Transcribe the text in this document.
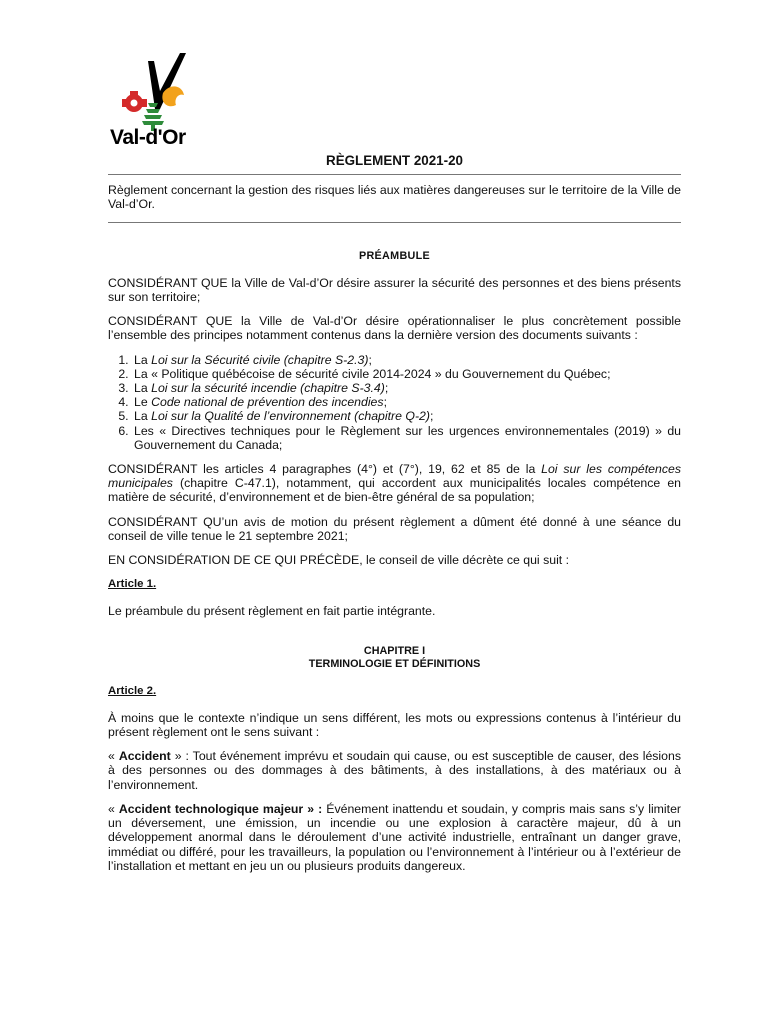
Val-d'Or
RÈGLEMENT 2021-20

Règlement concernant la gestion des risques liés aux matières dangereuses sur le territoire de la Ville de Val-d’Or.

PRÉAMBULE

CONSIDÉRANT QUE la Ville de Val-d’Or désire assurer la sécurité des personnes et des biens présents sur son territoire;

CONSIDÉRANT QUE la Ville de Val-d’Or désire opérationnaliser le plus concrètement possible l’ensemble des principes notamment contenus dans la dernière version des documents suivants :

1. La Loi sur la Sécurité civile (chapitre S-2.3);
2. La « Politique québécoise de sécurité civile 2014-2024 » du Gouvernement du Québec;
3. La Loi sur la sécurité incendie (chapitre S-3.4);
4. Le Code national de prévention des incendies;
5. La Loi sur la Qualité de l’environnement (chapitre Q-2);
6. Les « Directives techniques pour le Règlement sur les urgences environnementales (2019) » du Gouvernement du Canada;

CONSIDÉRANT les articles 4 paragraphes (4°) et (7°), 19, 62 et 85 de la Loi sur les compétences municipales (chapitre C-47.1), notamment, qui accordent aux municipalités locales compétence en matière de sécurité, d’environnement et de bien-être général de sa population;

CONSIDÉRANT QU’un avis de motion du présent règlement a dûment été donné à une séance du conseil de ville tenue le 21 septembre 2021;

EN CONSIDÉRATION DE CE QUI PRÉCÈDE, le conseil de ville décrète ce qui suit :

Article 1.

Le préambule du présent règlement en fait partie intégrante.

CHAPITRE I
TERMINOLOGIE ET DÉFINITIONS
Article 2.

À moins que le contexte n’indique un sens différent, les mots ou expressions contenus à l’intérieur du présent règlement ont le sens suivant :

« Accident » : Tout événement imprévu et soudain qui cause, ou est susceptible de causer, des lésions à des personnes ou des dommages à des bâtiments, à des installations, à des matériaux ou à l’environnement.

« Accident technologique majeur » : Événement inattendu et soudain, y compris mais sans s’y limiter un déversement, une émission, un incendie ou une explosion à caractère majeur, dû à un développement anormal dans le déroulement d’une activité industrielle, entraînant un danger grave, immédiat ou différé, pour les travailleurs, la population ou l’environnement à l’intérieur ou à l’extérieur de l’installation et mettant en jeu un ou plusieurs produits dangereux.
